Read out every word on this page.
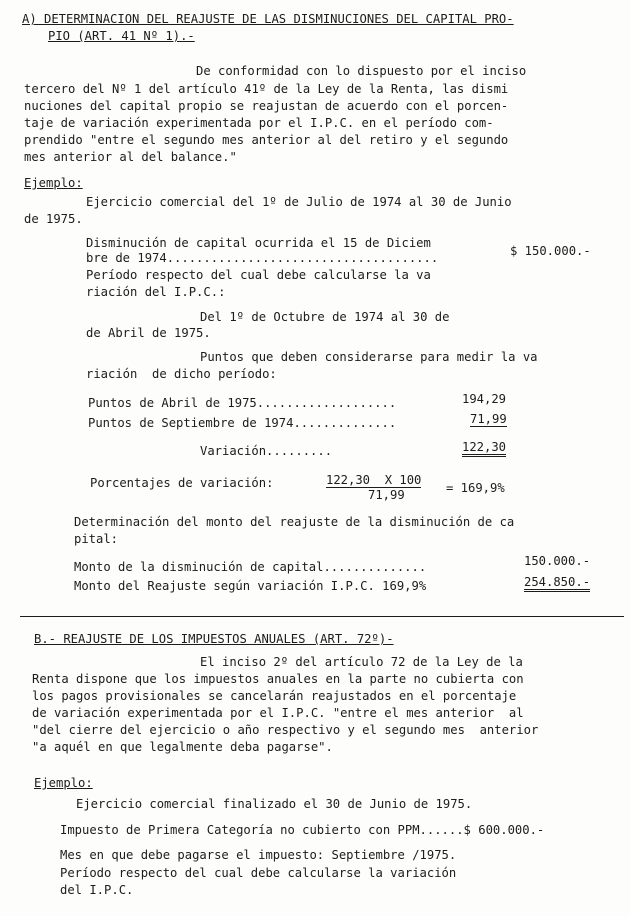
A) DETERMINACION DEL REAJUSTE DE LAS DISMINUCIONES DEL CAPITAL PRO-
PIO (ART. 41 Nº 1).-
De conformidad con lo dispuesto por el inciso
tercero del Nº 1 del artículo 41º de la Ley de la Renta, las dismi
nuciones del capital propio se reajustan de acuerdo con el porcen-
taje de variación experimentada por el I.P.C. en el período com-
prendido "entre el segundo mes anterior al del retiro y el segundo
mes anterior al del balance."
Ejemplo:
Ejercicio comercial del 1º de Julio de 1974 al 30 de Junio
de 1975.
Disminución de capital ocurrida el 15 de Diciem
bre de 1974.....................................	$ 150.000.-
Período respecto del cual debe calcularse la va
riación del I.P.C.:
Del 1º de Octubre de 1974 al 30 de
de Abril de 1975.
Puntos que deben considerarse para medir la va
riación  de dicho período:
Puntos de Abril de 1975...................	194,29
Puntos de Septiembre de 1974..............	71,99
Variación.........	122,30
Porcentajes de variación:	122,30  X 100
71,99	= 169,9%
Determinación del monto del reajuste de la disminución de ca
pital:
Monto de la disminución de capital..............	150.000.-
Monto del Reajuste según variación I.P.C. 169,9%	254.850.-
B.- REAJUSTE DE LOS IMPUESTOS ANUALES (ART. 72º)-
El inciso 2º del artículo 72 de la Ley de la
Renta dispone que los impuestos anuales en la parte no cubierta con
los pagos provisionales se cancelarán reajustados en el porcentaje
de variación experimentada por el I.P.C. "entre el mes anterior  al
"del cierre del ejercicio o año respectivo y el segundo mes  anterior
"a aquél en que legalmente deba pagarse".
Ejemplo:
Ejercicio comercial finalizado el 30 de Junio de 1975.
Impuesto de Primera Categoría no cubierto con PPM......$ 600.000.-
Mes en que debe pagarse el impuesto: Septiembre /1975.
Período respecto del cual debe calcularse la variación
del I.P.C.
